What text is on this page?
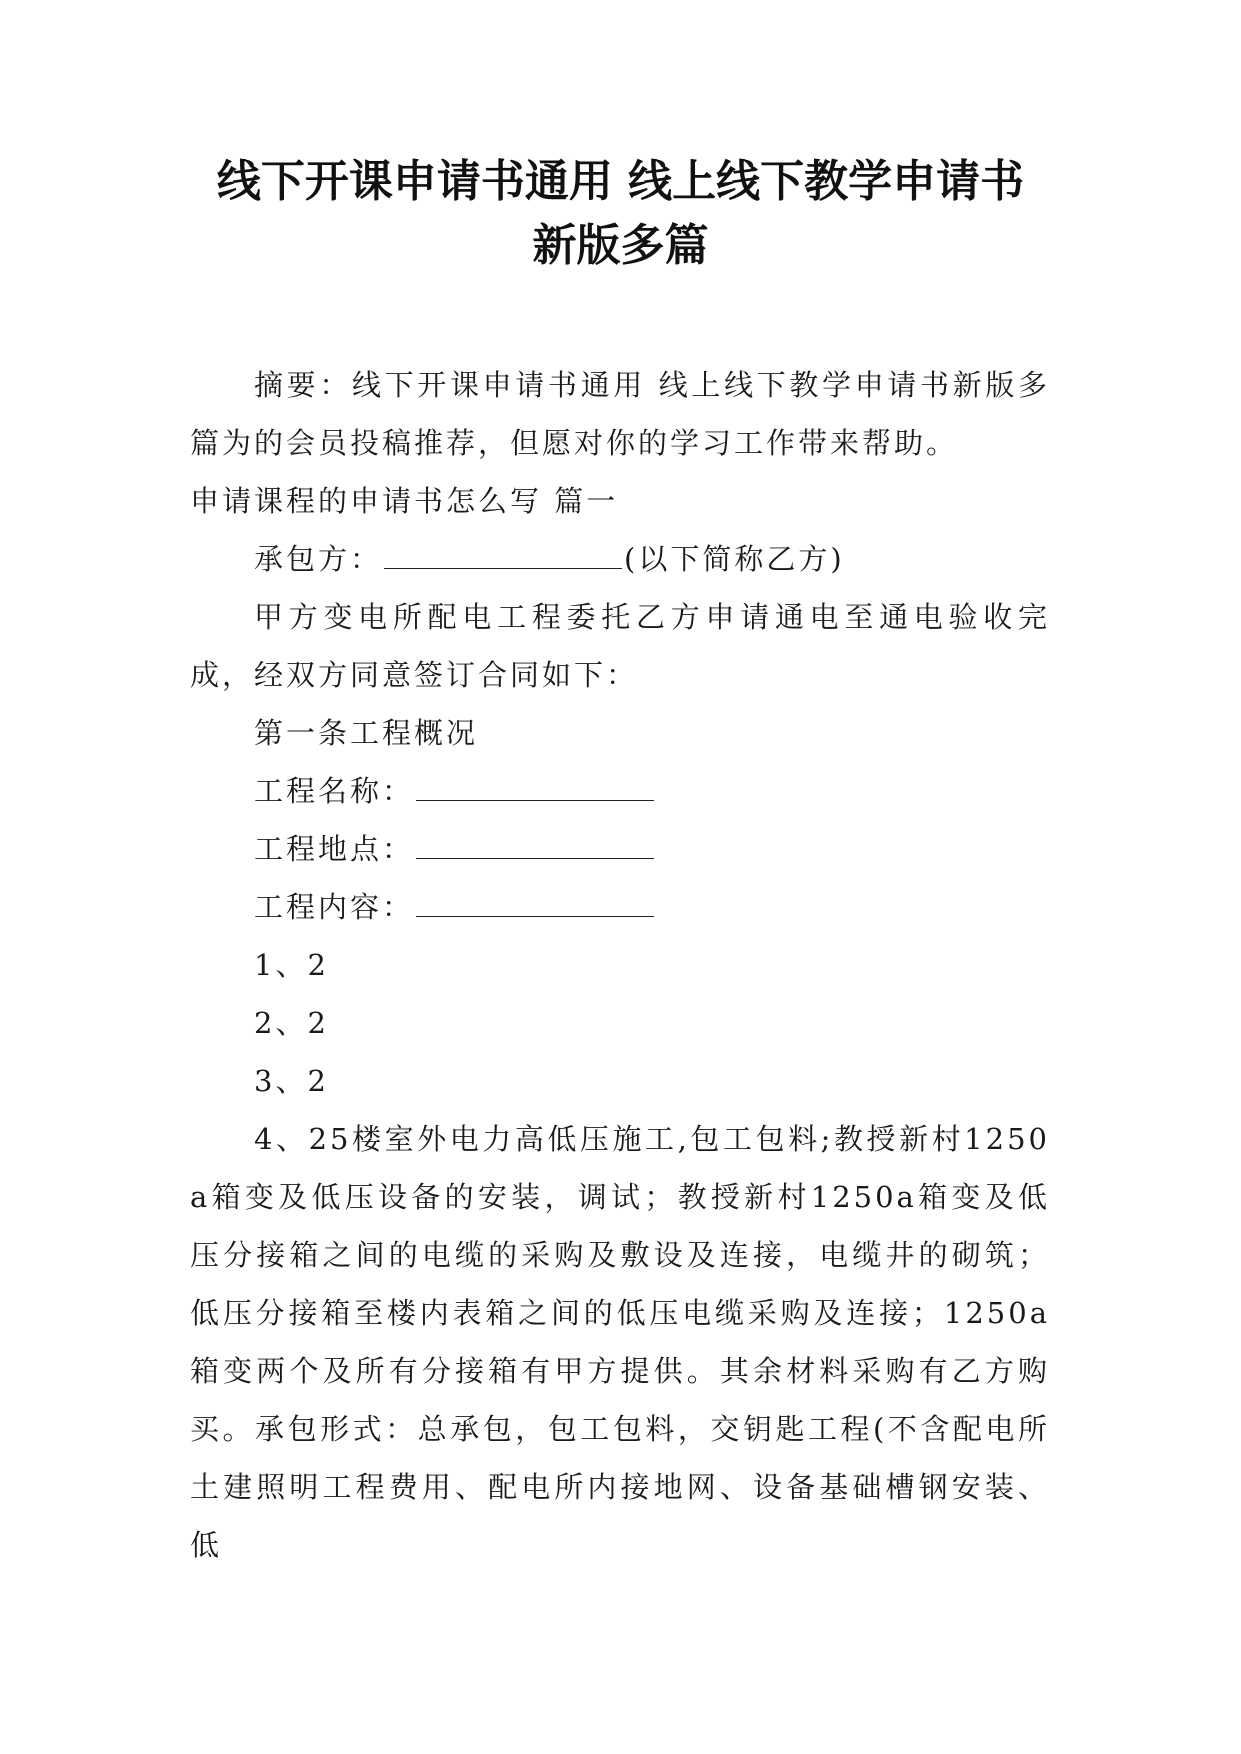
线下开课申请书通用 线上线下教学申请书
新版多篇

摘要：线下开课申请书通用 线上线下教学申请书新版多篇为的会员投稿推荐，但愿对你的学习工作带来帮助。

申请课程的申请书怎么写 篇一

承包方：	(以下简称乙方)

甲方变电所配电工程委托乙方申请通电至通电验收完成，经双方同意签订合同如下：

第一条工程概况

工程名称：

工程地点：

工程内容：

1、2

2、2

3、2

4、25楼室外电力高低压施工,包工包料;教授新村1250a箱变及低压设备的安装，调试；教授新村1250a箱变及低压分接箱之间的电缆的采购及敷设及连接，电缆井的砌筑；低压分接箱至楼内表箱之间的低压电缆采购及连接；1250a箱变两个及所有分接箱有甲方提供。其余材料采购有乙方购买。承包形式：总承包，包工包料，交钥匙工程(不含配电所土建照明工程费用、配电所内接地网、设备基础槽钢安装、低
